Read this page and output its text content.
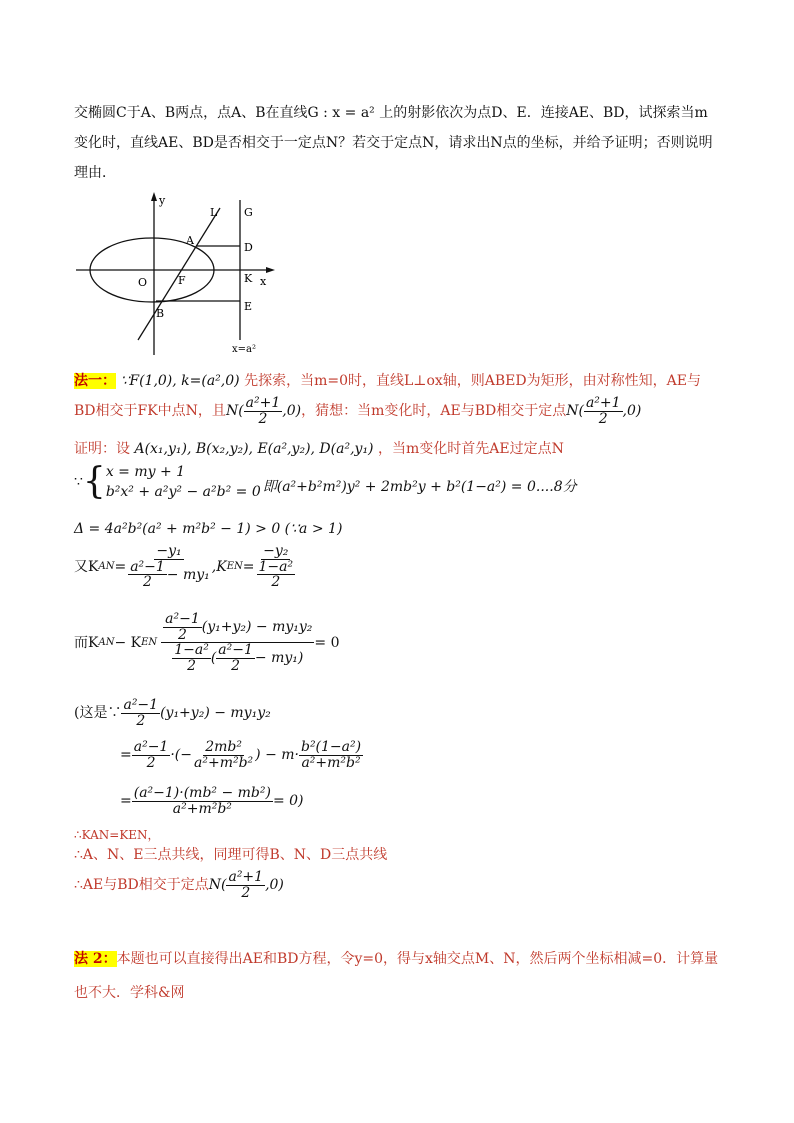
交椭圆C于A、B两点，点A、B在直线G : x = a² 上的射影依次为点D、E．连接AE、BD，试探索当m
变化时，直线AE、BD是否相交于一定点N？若交于定点N，请求出N点的坐标，并给予证明；否则说明
理由．
y
x
L G
A
D
O	F	K
B
E
x=a²
法一： ∵F(1,0), k=(a²,0) 先探索，当m=0时，直线L⊥ox轴，则ABED为矩形，由对称性知，AE与
BD相交于FK中点N，且 $N( \frac{\text{a²+1}}{2} ,0)$ ，猜想：当m变化时，AE与BD相交于定点 $N( \frac{\text{a²+1}}{2} ,0)$
证明：设 A(x₁,y₁), B(x₂,y₂), E(a²,y₂), D(a²,y₁) ，当m变化时首先AE过定点N
∵ { x = my + 1
b²x² + a²y² − a²b² = 0 即(a²+b²m²)y² + 2mb²y + b²(1−a²) = 0....8分
Δ = 4a²b²(a² + m²b² − 1) > 0 (∵a > 1)
又K AN = $\frac{\text{−y₁}}{\frac{\text{a²−1}}{2} - my_1} ,K$ EN = $\frac{\text{−y₂}}{\frac{\text{1−a²}}{2}}$
而K AN − K EN $\frac{\frac{\text{a²−1}}{2} (y_1+y_2) - my_1y_2}{\frac{\text{1−a²}}{2} ( \frac{\text{a²−1}}{2} - my_1)} = 0$
(这是∵ $\frac{\text{a²−1}}{2} (y_1+y_2) - my_1y_2$
= $\frac{\text{a²−1}}{2}$ ·(− $\frac{\text{2mb²}}{\text{a²+m²b²}}$ ) − $m\cdot \frac{\text{b²(1−a²)}}{\text{a²+m²b²}}$
= $\frac{\text{(a²−1)·(mb² − mb²)}}{\text{a²+m²b²}} = 0$)
∴KAN=KEN，
∴A、N、E三点共线，同理可得B、N、D三点共线
∴AE与BD相交于定点 $N( \frac{\text{a²+1}}{2} ,0)$
法 2：本题也可以直接得出AE和BD方程，令y=0，得与x轴交点M、N，然后两个坐标相减=0．计算量
也不大．学科&网
